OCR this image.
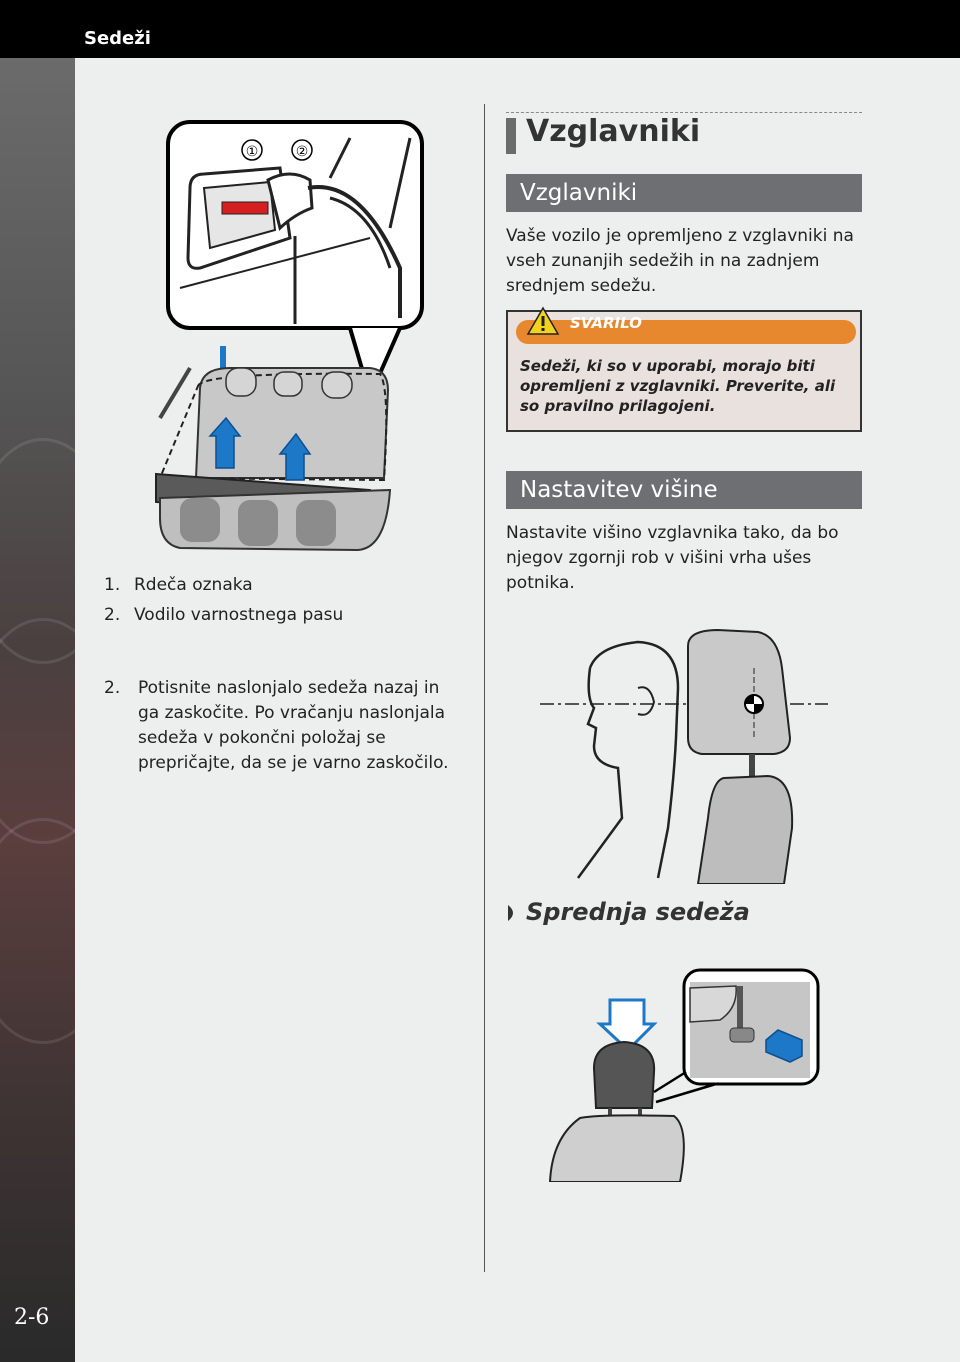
Sedeži
2-6
①	②
1. Rdeča oznaka
2. Vodilo varnostnega pasu
2.	Potisnite naslonjalo sedeža nazaj in ga zaskočite. Po vračanju naslonjala sedeža v pokončni položaj se prepričajte, da se je varno zaskočilo.
Vzglavniki
Vzglavniki
Vaše vozilo je opremljeno z vzglavniki na vseh zunanjih sedežih in na zadnjem srednjem sedežu.
SVARILO
Sedeži, ki so v uporabi, morajo biti opremljeni z vzglavniki. Preverite, ali so pravilno prilagojeni.
Nastavitev višine
Nastavite višino vzglavnika tako, da bo njegov zgornji rob v višini vrha ušes potnika.
Sprednja sedeža
